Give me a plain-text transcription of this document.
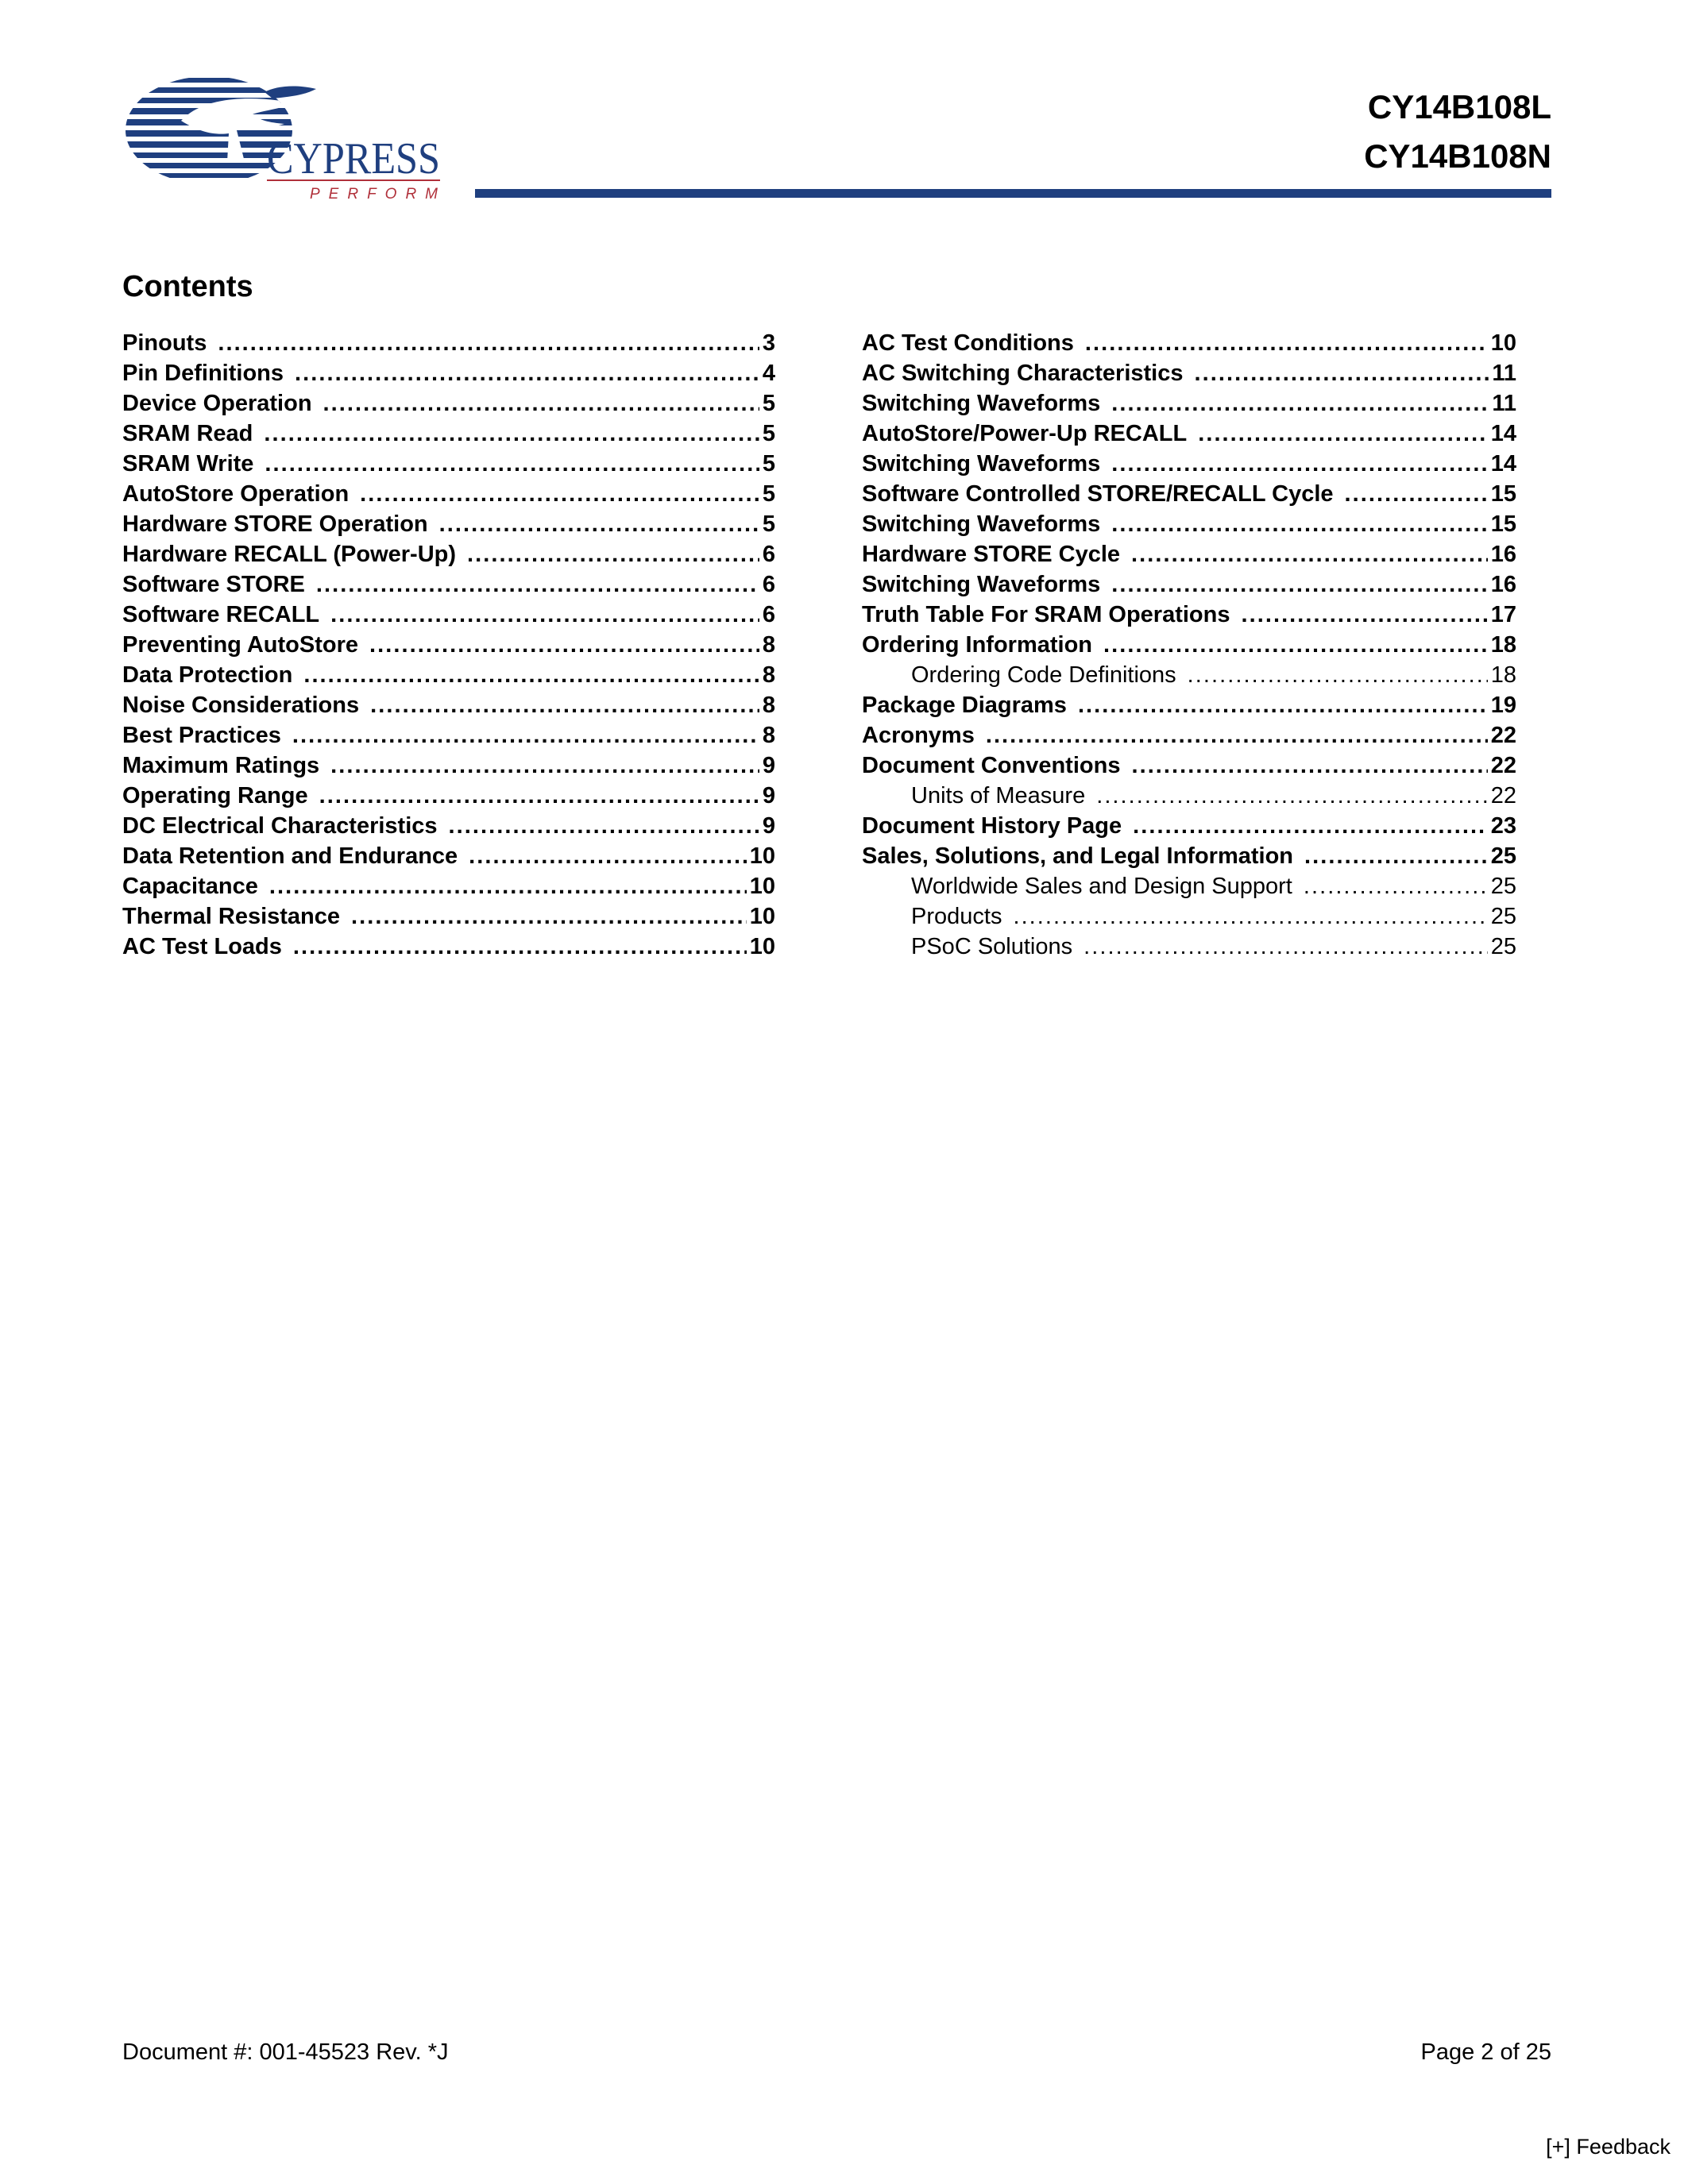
CYPRESS
PERFORM
CY14B108L
CY14B108N
Contents
Pinouts . . .	3
Pin Definitions . . .	4
Device Operation . . .	5
SRAM Read . . .	5
SRAM Write . . .	5
AutoStore Operation . . .	5
Hardware STORE Operation . . .	5
Hardware RECALL (Power-Up) . . .	6
Software STORE . . .	6
Software RECALL . . .	6
Preventing AutoStore . . .	8
Data Protection . . .	8
Noise Considerations . . .	8
Best Practices . . .	8
Maximum Ratings . . .	9
Operating Range . . .	9
DC Electrical Characteristics . . .	9
Data Retention and Endurance . . .	10
Capacitance . . .	10
Thermal Resistance . . .	10
AC Test Loads . . .	10
AC Test Conditions . . .	10
AC Switching Characteristics . . .	11
Switching Waveforms . . .	11
AutoStore/Power-Up RECALL . . .	14
Switching Waveforms . . .	14
Software Controlled STORE/RECALL Cycle . . .	15
Switching Waveforms . . .	15
Hardware STORE Cycle . . .	16
Switching Waveforms . . .	16
Truth Table For SRAM Operations . . .	17
Ordering Information . . .	18
Ordering Code Definitions . . .	18
Package Diagrams . . .	19
Acronyms . . .	22
Document Conventions . . .	22
Units of Measure . . .	22
Document History Page . . .	23
Sales, Solutions, and Legal Information . . .	25
Worldwide Sales and Design Support . . .	25
Products . . .	25
PSoC Solutions . . .	25
Document #: 001-45523 Rev. *J	Page 2 of 25
[+] Feedback
